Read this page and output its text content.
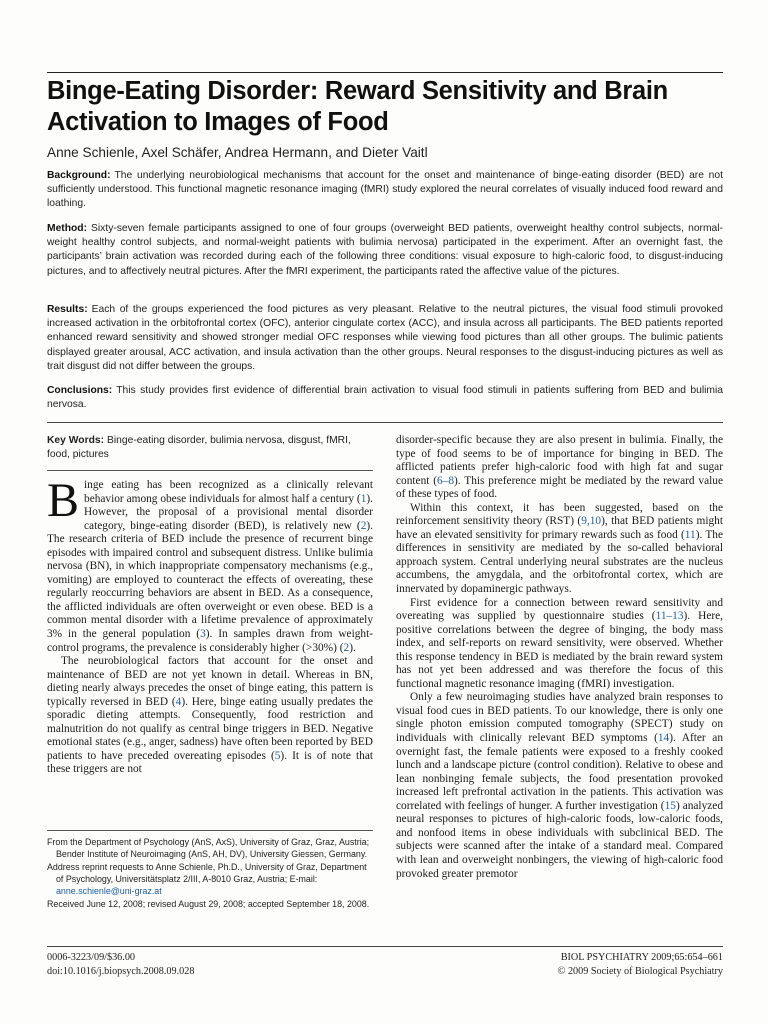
Binge-Eating Disorder: Reward Sensitivity and Brain Activation to Images of Food
Anne Schienle, Axel Schäfer, Andrea Hermann, and Dieter Vaitl

Background: The underlying neurobiological mechanisms that account for the onset and maintenance of binge-eating disorder (BED) are not sufficiently understood. This functional magnetic resonance imaging (fMRI) study explored the neural correlates of visually induced food reward and loathing.

Method: Sixty-seven female participants assigned to one of four groups (overweight BED patients, overweight healthy control subjects, normal-weight healthy control subjects, and normal-weight patients with bulimia nervosa) participated in the experiment. After an overnight fast, the participants’ brain activation was recorded during each of the following three conditions: visual exposure to high-caloric food, to disgust-inducing pictures, and to affectively neutral pictures. After the fMRI experiment, the participants rated the affective value of the pictures.

Results: Each of the groups experienced the food pictures as very pleasant. Relative to the neutral pictures, the visual food stimuli provoked increased activation in the orbitofrontal cortex (OFC), anterior cingulate cortex (ACC), and insula across all participants. The BED patients reported enhanced reward sensitivity and showed stronger medial OFC responses while viewing food pictures than all other groups. The bulimic patients displayed greater arousal, ACC activation, and insula activation than the other groups. Neural responses to the disgust-inducing pictures as well as trait disgust did not differ between the groups.

Conclusions: This study provides first evidence of differential brain activation to visual food stimuli in patients suffering from BED and bulimia nervosa.

Key Words: Binge-eating disorder, bulimia nervosa, disgust, fMRI, food, pictures

Binge eating has been recognized as a clinically relevant behavior among obese individuals for almost half a century (1). However, the proposal of a provisional mental disorder category, binge-eating disorder (BED), is relatively new (2). The research criteria of BED include the presence of recurrent binge episodes with impaired control and subsequent distress. Unlike bulimia nervosa (BN), in which inappropriate compensatory mechanisms (e.g., vomiting) are employed to counteract the effects of overeating, these regularly reoccurring behaviors are absent in BED. As a consequence, the afflicted individuals are often overweight or even obese. BED is a common mental disorder with a lifetime prevalence of approximately 3% in the general population (3). In samples drawn from weight-control programs, the prevalence is considerably higher (>30%) (2).

The neurobiological factors that account for the onset and maintenance of BED are not yet known in detail. Whereas in BN, dieting nearly always precedes the onset of binge eating, this pattern is typically reversed in BED (4). Here, binge eating usually predates the sporadic dieting attempts. Consequently, food restriction and malnutrition do not qualify as central binge triggers in BED. Negative emotional states (e.g., anger, sadness) have often been reported by BED patients to have preceded overeating episodes (5). It is of note that these triggers are not

disorder-specific because they are also present in bulimia. Finally, the type of food seems to be of importance for binging in BED. The afflicted patients prefer high-caloric food with high fat and sugar content (6–8). This preference might be mediated by the reward value of these types of food.

Within this context, it has been suggested, based on the reinforcement sensitivity theory (RST) (9,10), that BED patients might have an elevated sensitivity for primary rewards such as food (11). The differences in sensitivity are mediated by the so-called behavioral approach system. Central underlying neural substrates are the nucleus accumbens, the amygdala, and the orbitofrontal cortex, which are innervated by dopaminergic pathways.

First evidence for a connection between reward sensitivity and overeating was supplied by questionnaire studies (11–13). Here, positive correlations between the degree of binging, the body mass index, and self-reports on reward sensitivity, were observed. Whether this response tendency in BED is mediated by the brain reward system has not yet been addressed and was therefore the focus of this functional magnetic resonance imaging (fMRI) investigation.

Only a few neuroimaging studies have analyzed brain responses to visual food cues in BED patients. To our knowledge, there is only one single photon emission computed tomography (SPECT) study on individuals with clinically relevant BED symptoms (14). After an overnight fast, the female patients were exposed to a freshly cooked lunch and a landscape picture (control condition). Relative to obese and lean nonbinging female subjects, the food presentation provoked increased left prefrontal activation in the patients. This activation was correlated with feelings of hunger. A further investigation (15) analyzed neural responses to pictures of high-caloric foods, low-caloric foods, and nonfood items in obese individuals with subclinical BED. The subjects were scanned after the intake of a standard meal. Compared with lean and overweight nonbingers, the viewing of high-caloric food provoked greater premotor

From the Department of Psychology (AnS, AxS), University of Graz, Graz, Austria; Bender Institute of Neuroimaging (AnS, AH, DV), University Giessen, Germany.

Address reprint requests to Anne Schienle, Ph.D., University of Graz, Department of Psychology, Universitätsplatz 2/III, A-8010 Graz, Austria; E-mail: anne.schienle@uni-graz.at

Received June 12, 2008; revised August 29, 2008; accepted September 18, 2008.

0006-3223/09/$36.00
doi:10.1016/j.biopsych.2008.09.028
BIOL PSYCHIATRY 2009;65:654–661
© 2009 Society of Biological Psychiatry
